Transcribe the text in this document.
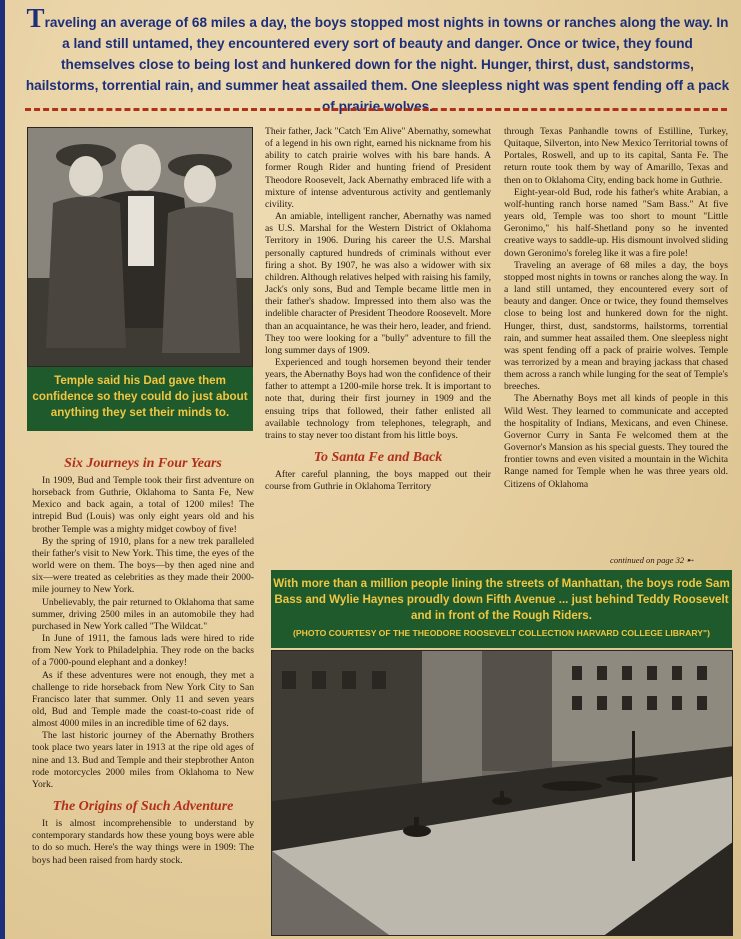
Traveling an average of 68 miles a day, the boys stopped most nights in towns or ranches along the way. In a land still untamed, they encountered every sort of beauty and danger. Once or twice, they found themselves close to being lost and hunkered down for the night. Hunger, thirst, dust, sandstorms, hailstorms, torrential rain, and summer heat assailed them. One sleepless night was spent fending off a pack of prairie wolves.
Temple said his Dad gave them confidence so they could do just about anything they set their minds to.
Six Journeys in Four Years

In 1909, Bud and Temple took their first adventure on horseback from Guthrie, Oklahoma to Santa Fe, New Mexico and back again, a total of 1200 miles! The intrepid Bud (Louis) was only eight years old and his brother Temple was a mighty midget cowboy of five!

By the spring of 1910, plans for a new trek paralleled their father's visit to New York. This time, the eyes of the world were on them. The boys—by then aged nine and six—were treated as celebrities as they made their 2000-mile journey to New York.

Unbelievably, the pair returned to Oklahoma that same summer, driving 2500 miles in an automobile they had purchased in New York called "The Wildcat."

In June of 1911, the famous lads were hired to ride from New York to Philadelphia. They rode on the backs of a 7000-pound elephant and a donkey!

As if these adventures were not enough, they met a challenge to ride horseback from New York City to San Francisco later that summer. Only 11 and seven years old, Bud and Temple made the coast-to-coast ride of almost 4000 miles in an incredible time of 62 days.

The last historic journey of the Abernathy Brothers took place two years later in 1913 at the ripe old ages of nine and 13. Bud and Temple and their stepbrother Anton rode motorcycles 2000 miles from Oklahoma to New York.

The Origins of Such Adventure

It is almost incomprehensible to understand by contemporary standards how these young boys were able to do so much. Here's the way things were in 1909: The boys had been raised from hardy stock.

Their father, Jack "Catch 'Em Alive" Abernathy, somewhat of a legend in his own right, earned his nickname from his ability to catch prairie wolves with his bare hands. A former Rough Rider and hunting friend of President Theodore Roosevelt, Jack Abernathy embraced life with a mixture of intense adventurous activity and gentlemanly civility.

An amiable, intelligent rancher, Abernathy was named as U.S. Marshal for the Western District of Oklahoma Territory in 1906. During his career the U.S. Marshal personally captured hundreds of criminals without ever firing a shot. By 1907, he was also a widower with six children. Although relatives helped with raising his family, Jack's only sons, Bud and Temple became little men in their father's shadow. Impressed into them also was the indelible character of President Theodore Roosevelt. More than an acquaintance, he was their hero, leader, and friend. They too were looking for a "bully" adventure to fill the long summer days of 1909.

Experienced and tough horsemen beyond their tender years, the Abernathy Boys had won the confidence of their father to attempt a 1200-mile horse trek. It is important to note that, during their first journey in 1909 and the ensuing trips that followed, their father enlisted all available technology from telephones, telegraph, and trains to stay never too distant from his little boys.

To Santa Fe and Back

After careful planning, the boys mapped out their course from Guthrie in Oklahoma Territory

through Texas Panhandle towns of Estilline, Turkey, Quitaque, Silverton, into New Mexico Territorial towns of Portales, Roswell, and up to its capital, Santa Fe. The return route took them by way of Amarillo, Texas and then on to Oklahoma City, ending back home in Guthrie.

Eight-year-old Bud, rode his father's white Arabian, a wolf-hunting ranch horse named "Sam Bass." At five years old, Temple was too short to mount "Little Geronimo," his half-Shetland pony so he invented creative ways to saddle-up. His dismount involved sliding down Geronimo's foreleg like it was a fire pole!

Traveling an average of 68 miles a day, the boys stopped most nights in towns or ranches along the way. In a land still untamed, they encountered every sort of beauty and danger. Once or twice, they found themselves close to being lost and hunkered down for the night. Hunger, thirst, dust, sandstorms, hailstorms, torrential rain, and summer heat assailed them. One sleepless night was spent fending off a pack of prairie wolves. Temple was terrorized by a mean and braying jackass that chased them across a ranch while lunging for the seat of Temple's breeches.

The Abernathy Boys met all kinds of people in this Wild West. They learned to communicate and accepted the hospitality of Indians, Mexicans, and even Chinese. Governor Curry in Santa Fe welcomed them at the Governor's Mansion as his special guests. They toured the frontier towns and even visited a mountain in the Wichita Range named for Temple when he was three years old. Citizens of Oklahoma

continued on page 32 ➸
With more than a million people lining the streets of Manhattan, the boys rode Sam Bass and Wylie Haynes proudly down Fifth Avenue ... just behind Teddy Roosevelt and in front of the Rough Riders.
(PHOTO COURTESY OF THE THEODORE ROOSEVELT COLLECTION HARVARD COLLEGE LIBRARY")
